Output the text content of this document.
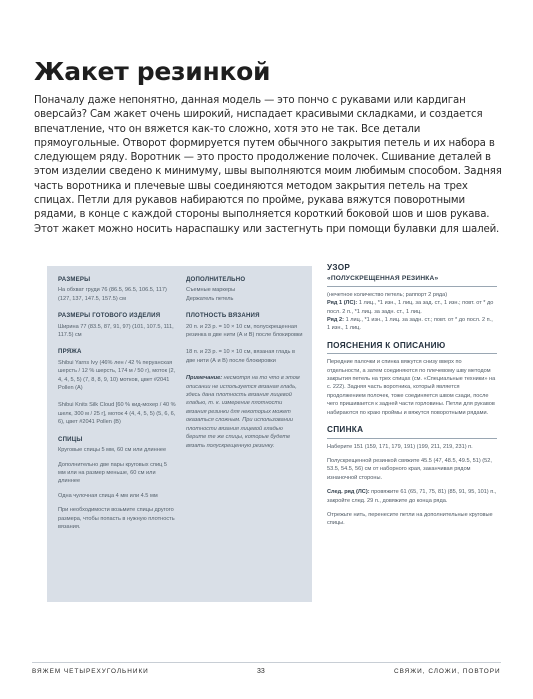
Жакет резинкой

Поначалу даже непонятно, данная модель — это пончо с рукавами или кардиган оверсайз? Сам жакет очень широкий, ниспадает красивыми складками, и создается впечатление, что он вяжется как-то сложно, хотя это не так. Все детали прямоугольные. Отворот формируется путем обычного закрытия петель и их набора в следующем ряду. Воротник — это просто продолжение полочек. Сшивание деталей в этом изделии сведено к минимуму, швы выполняются моим любимым способом. Задняя часть воротника и плечевые швы соединяются методом закрытия петель на трех спицах. Петли для рукавов набираются по пройме, рукава вяжутся поворотными рядами, в конце с каждой стороны выполняется короткий боковой шов и шов рукава. Этот жакет можно носить нараспашку или застегнуть при помощи булавки для шалей.

РАЗМЕРЫ
На обхват груди 76 (86.5, 96.5, 106.5, 117) (127, 137, 147.5, 157.5) см
РАЗМЕРЫ ГОТОВОГО ИЗДЕЛИЯ
Ширина 77 (83.5, 87, 91, 97) (101, 107.5, 111, 117.5) см
ПРЯЖА
Shibui Yarns Ivy (46% лен / 42 % перуанская шерсть / 12 % шерсть, 174 м / 50 г), моток (2, 4, 4, 5, 5) (7, 8, 8, 9, 10) мотков, цвет #2041 Pollen (A)
Shibui Knits Silk Cloud [60 % кид-мохер / 40 % шелк, 300 м / 25 г], моток 4 (4, 4, 5, 5) (5, 6, 6, 6), цвет #2041 Pollen (B)
СПИЦЫ
Круговые спицы 5 мм, 60 см или длиннее
Дополнительно две пары круговых спиц 5 мм или на размер меньше, 60 см или длиннее
Одна чулочная спица 4 мм или 4.5 мм
При необходимости возьмите спицы другого размера, чтобы попасть в нужную плотность вязания.
ДОПОЛНИТЕЛЬНО
Съемные маркеры
Держатель петель
ПЛОТНОСТЬ ВЯЗАНИЯ
20 п. и 23 р. = 10 × 10 см, полускрещенная резинка в две нити (А и В) после блокировки
18 п. и 23 р. = 10 × 10 см, вязаная гладь в две нити (А и В) после блокировки
Примечание: несмотря на то что в этом описании не используется вязаная гладь, здесь дана плотность вязания лицевой гладью, т. к. измерение плотности вязания резинки для некоторых может оказаться сложным. При использовании плотности вязания лицевой гладью берите те же спицы, которые будете вязать полускрещенную резинку.
УЗОР
«ПОЛУСКРЕЩЕННАЯ РЕЗИНКА»
(нечетное количество петель; раппорт 2 ряда)
Ряд 1 (ЛС): 1 лиц., *1 изн., 1 лиц. за зад. ст., 1 изн.; повт. от * до посл. 2 п., *1 лиц. за задн. ст., 1 лиц.
Ряд 2: 1 лиц., *1 изн., 1 лиц. за задн. ст.; повт. от * до посл. 2 п., 1 изн., 1 лиц.
ПОЯСНЕНИЯ К ОПИСАНИЮ
Передние палочки и спинка вяжутся снизу вверх по отдельности, а затем соединяются по плечевому шву методом закрытия петель на трех спицах (см. «Специальные техники» на с. 222). Задняя часть воротника, который является продолжением полочек, тоже соединяется швом сзади, после чего пришивается к задней части горловины. Петли для рукавов набираются по краю проймы и вяжутся поворотными рядами.
СПИНКА
Наберите 151 (159, 171, 179, 191) (199, 211, 219, 231) п.
Полускрещенной резинкой свяжите 45.5 (47, 48.5, 49.5, 51) (52, 53.5, 54.5, 56) см от наборного края, заканчивая рядом изнаночной стороны.
След. ряд (ЛС): провяжите 61 (65, 71, 75, 81) (85, 91, 95, 101) п., закройте след. 29 п., довяжите до конца ряда.
Отрежьте нить, перенесите петли на дополнительные круговые спицы.
ВЯЖЕМ ЧЕТЫРЕХУГОЛЬНИКИ	33	СВЯЖИ, СЛОЖИ, ПОВТОРИ
